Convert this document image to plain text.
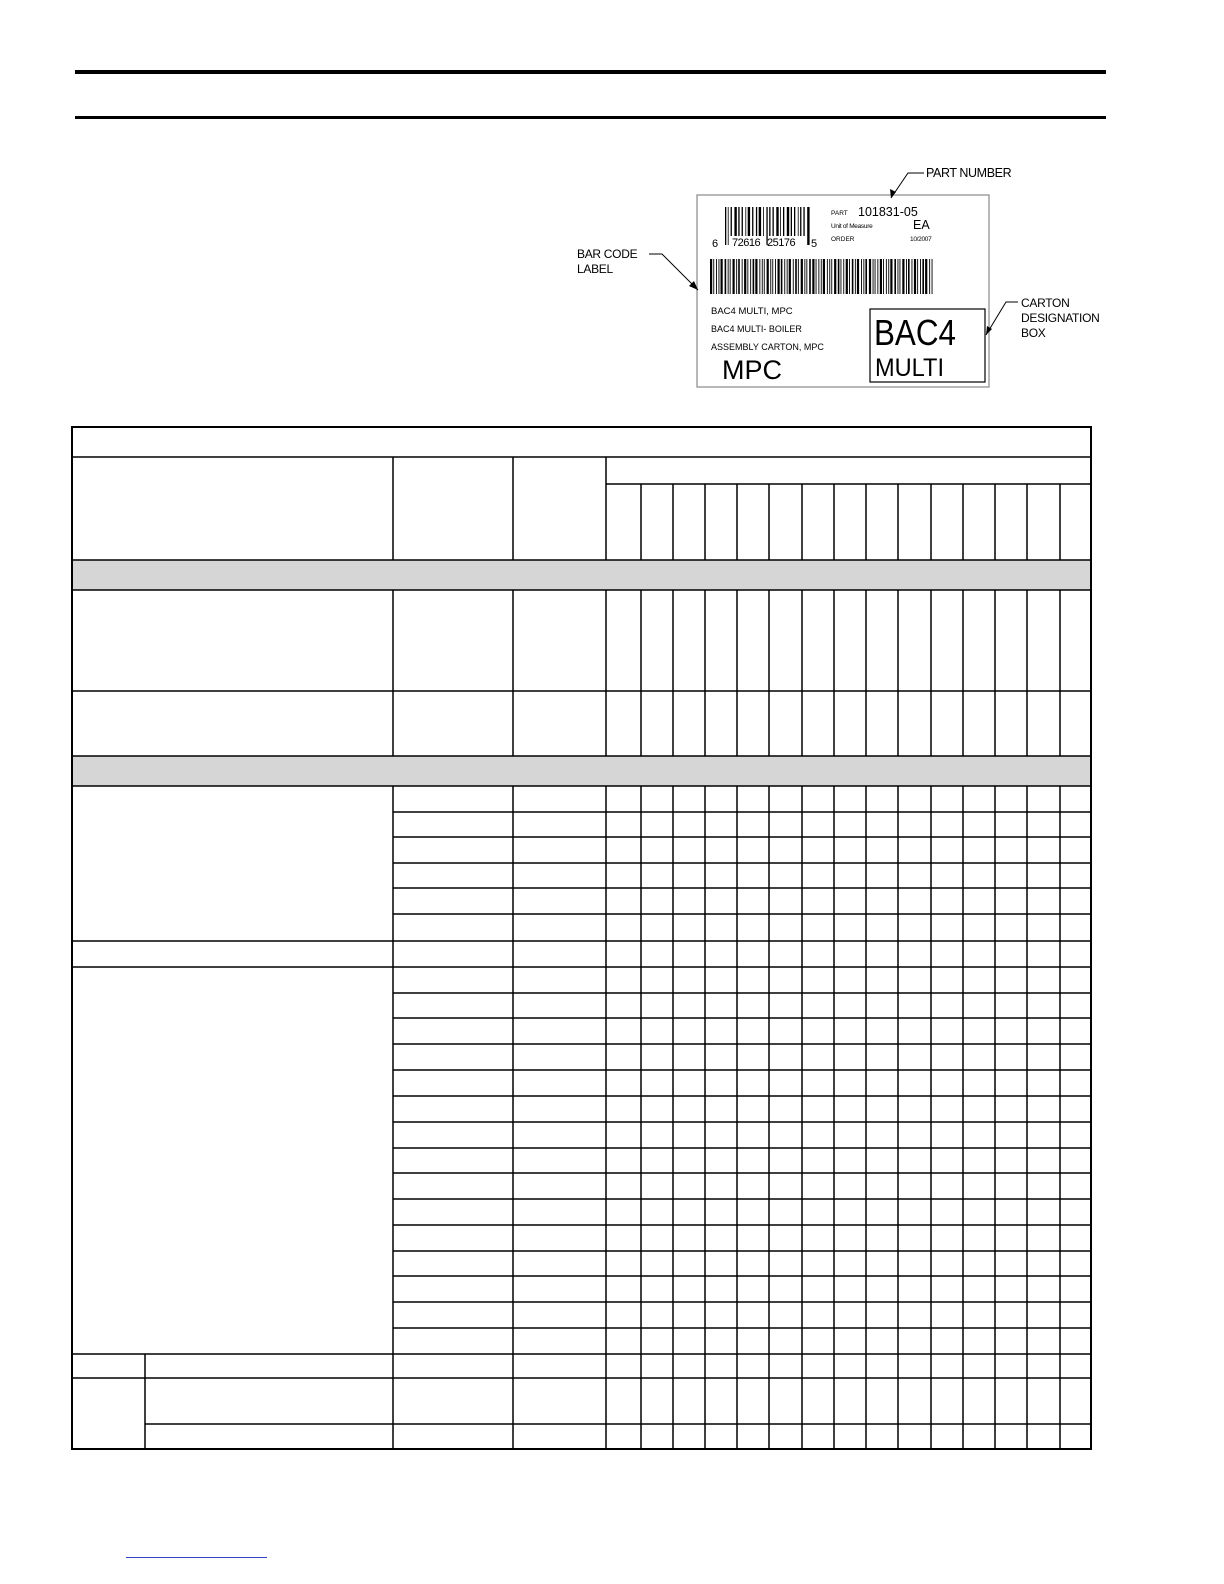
6 72616 25176 5
PART 101831-05
Unit of Measure	EA
ORDER	10/2007
BAC4 MULTI, MPC
BAC4 MULTI- BOILER
ASSEMBLY CARTON, MPC
MPC
BAC4
MULTI
PART NUMBER
BAR CODE
LABEL
CARTON
DESIGNATION
BOX
